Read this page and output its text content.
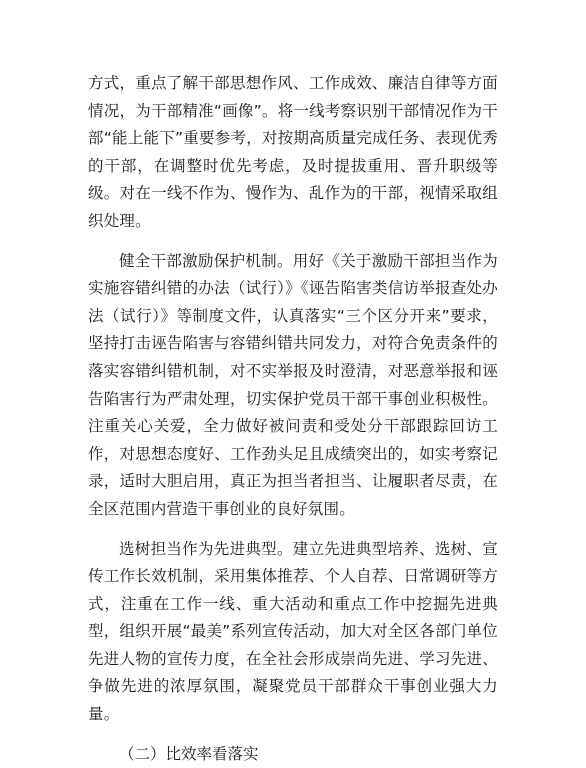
方式，重点了解干部思想作风、工作成效、廉洁自律等方面情况，为干部精准“画像”。将一线考察识别干部情况作为干部“能上能下”重要参考，对按期高质量完成任务、表现优秀的干部，在调整时优先考虑，及时提拔重用、晋升职级等级。对在一线不作为、慢作为、乱作为的干部，视情采取组织处理。

健全干部激励保护机制。用好《关于激励干部担当作为实施容错纠错的办法（试行）》《诬告陷害类信访举报查处办法（试行）》等制度文件，认真落实“三个区分开来”要求，坚持打击诬告陷害与容错纠错共同发力，对符合免责条件的落实容错纠错机制，对不实举报及时澄清，对恶意举报和诬告陷害行为严肃处理，切实保护党员干部干事创业积极性。注重关心关爱，全力做好被问责和受处分干部跟踪回访工作，对思想态度好、工作劲头足且成绩突出的，如实考察记录，适时大胆启用，真正为担当者担当、让履职者尽责，在全区范围内营造干事创业的良好氛围。

选树担当作为先进典型。建立先进典型培养、选树、宣传工作长效机制，采用集体推荐、个人自荐、日常调研等方式，注重在工作一线、重大活动和重点工作中挖掘先进典型，组织开展“最美”系列宣传活动，加大对全区各部门单位先进人物的宣传力度，在全社会形成崇尚先进、学习先进、争做先进的浓厚氛围，凝聚党员干部群众干事创业强大力量。

（二）比效率看落实
